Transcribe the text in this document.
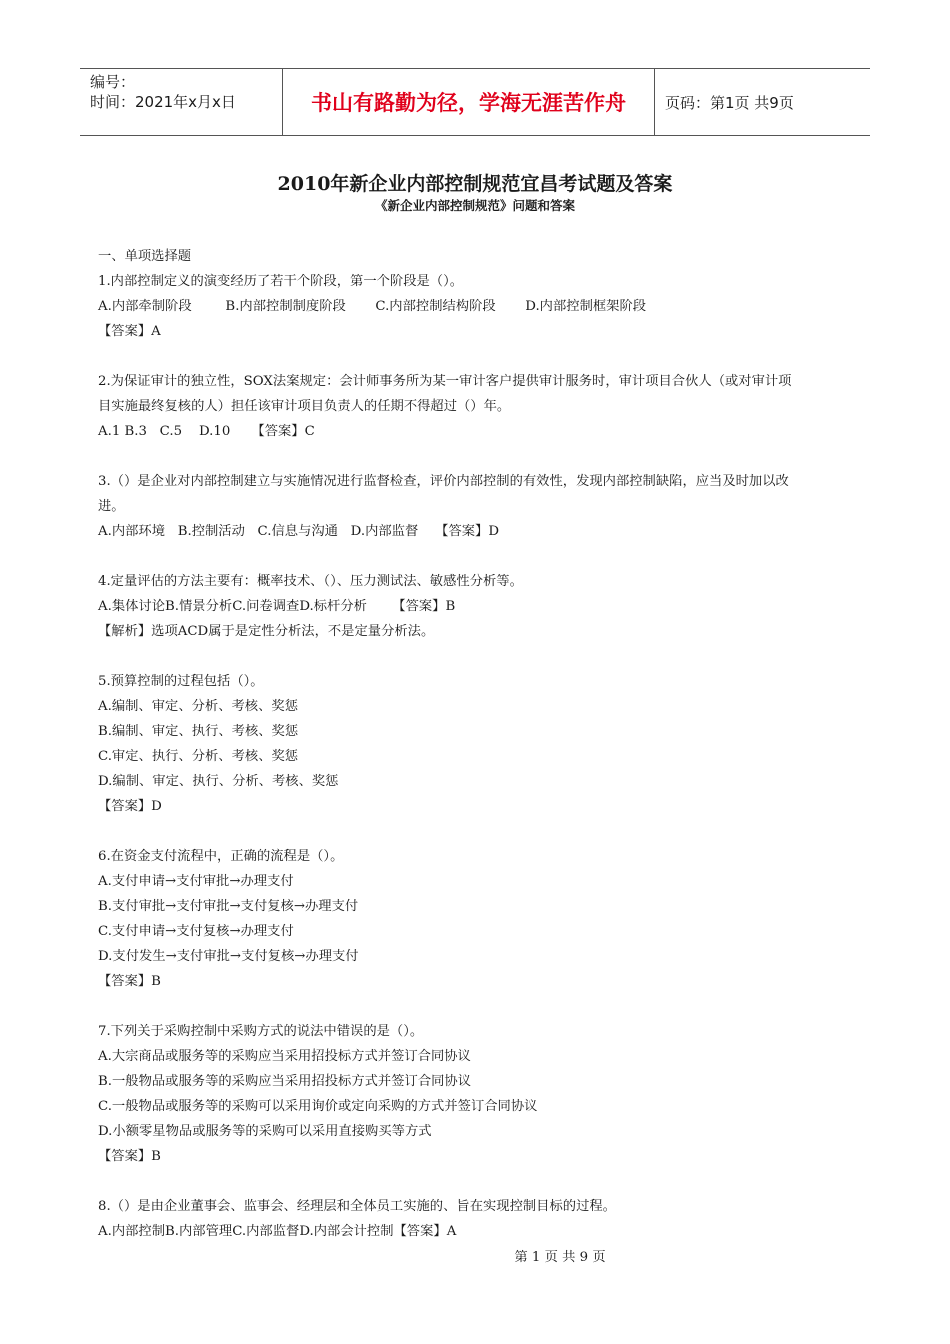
编号：
时间：2021年x月x日	书山有路勤为径，学海无涯苦作舟	页码：第1页 共9页
2010年新企业内部控制规范宜昌考试题及答案
《新企业内部控制规范》问题和答案

一、单项选择题

1.内部控制定义的演变经历了若干个阶段，第一个阶段是（）。

A.内部牵制阶段        B.内部控制制度阶段       C.内部控制结构阶段       D.内部控制框架阶段

【答案】A

2.为保证审计的独立性，SOX法案规定：会计师事务所为某一审计客户提供审计服务时，审计项目合伙人（或对审计项

目实施最终复核的人）担任该审计项目负责人的任期不得超过（）年。

A.1 B.3   C.5    D.10     【答案】C

3.（）是企业对内部控制建立与实施情况进行监督检查，评价内部控制的有效性，发现内部控制缺陷，应当及时加以改

进。

A.内部环境   B.控制活动   C.信息与沟通   D.内部监督    【答案】D

4.定量评估的方法主要有：概率技术、（）、压力测试法、敏感性分析等。

A.集体讨论B.情景分析C.问卷调查D.标杆分析      【答案】B

【解析】选项ACD属于是定性分析法，不是定量分析法。

5.预算控制的过程包括（）。

A.编制、审定、分析、考核、奖惩

B.编制、审定、执行、考核、奖惩

C.审定、执行、分析、考核、奖惩

D.编制、审定、执行、分析、考核、奖惩

【答案】D

6.在资金支付流程中，正确的流程是（）。

A.支付申请→支付审批→办理支付

B.支付审批→支付审批→支付复核→办理支付

C.支付申请→支付复核→办理支付

D.支付发生→支付审批→支付复核→办理支付

【答案】B

7.下列关于采购控制中采购方式的说法中错误的是（）。

A.大宗商品或服务等的采购应当采用招投标方式并签订合同协议

B.一般物品或服务等的采购应当采用招投标方式并签订合同协议

C.一般物品或服务等的采购可以采用询价或定向采购的方式并签订合同协议

D.小额零星物品或服务等的采购可以采用直接购买等方式

【答案】B

8.（）是由企业董事会、监事会、经理层和全体员工实施的、旨在实现控制目标的过程。

A.内部控制B.内部管理C.内部监督D.内部会计控制【答案】A

第 1 页 共 9 页
